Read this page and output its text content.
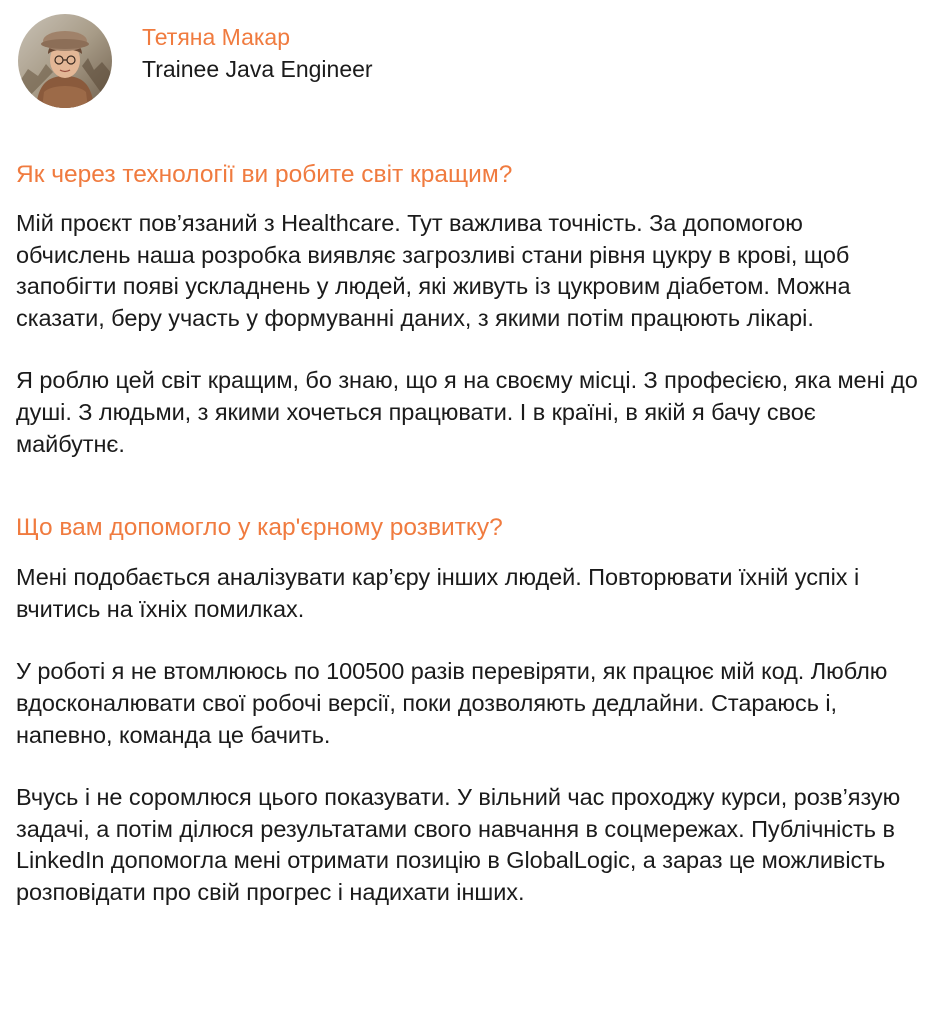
Тетяна Макар
Trainee Java Engineer
Як через технології ви робите світ кращим?

Мій проєкт пов’язаний з Healthcare. Тут важлива точність. За допомогою обчислень наша розробка виявляє загрозливі стани рівня цукру в крові, щоб запобігти появі ускладнень у людей, які живуть із цукровим діабетом. Можна сказати, беру участь у формуванні даних, з якими потім працюють лікарі.

Я роблю цей світ кращим, бо знаю, що я на своєму місці. З професією, яка мені до душі. З людьми, з якими хочеться працювати. І в країні, в якій я бачу своє майбутнє.

Що вам допомогло у кар'єрному розвитку?

Мені подобається аналізувати кар’єру інших людей. Повторювати їхній успіх і вчитись на їхніх помилках.

У роботі я не втомлююсь по 100500 разів перевіряти, як працює мій код. Люблю вдосконалювати свої робочі версії, поки дозволяють дедлайни. Стараюсь і, напевно, команда це бачить.

Вчусь і не соромлюся цього показувати. У вільний час проходжу курси, розв’язую задачі, а потім ділюся результатами свого навчання в соцмережах. Публічність в LinkedIn допомогла мені отримати позицію в GlobalLogic, а зараз це можливість розповідати про свій прогрес і надихати інших.
